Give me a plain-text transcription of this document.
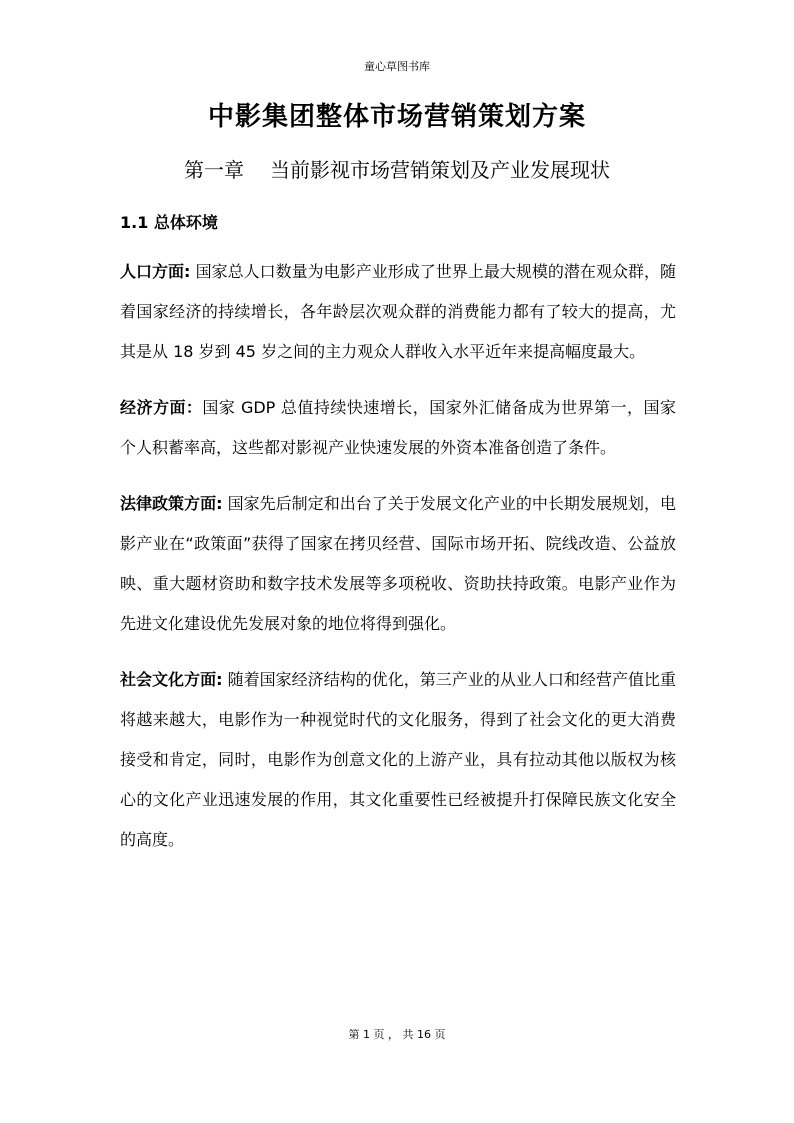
童心草图书库
中影集团整体市场营销策划方案
第一章 当前影视市场营销策划及产业发展现状
1.1 总体环境

人口方面: 国家总人口数量为电影产业形成了世界上最大规模的潜在观众群，随着国家经济的持续增长，各年龄层次观众群的消费能力都有了较大的提高，尤其是从 18 岁到 45 岁之间的主力观众人群收入水平近年来提高幅度最大。

经济方面：国家 GDP 总值持续快速增长，国家外汇储备成为世界第一，国家个人积蓄率高，这些都对影视产业快速发展的外资本准备创造了条件。

法律政策方面: 国家先后制定和出台了关于发展文化产业的中长期发展规划，电影产业在“政策面”获得了国家在拷贝经营、国际市场开拓、院线改造、公益放映、重大题材资助和数字技术发展等多项税收、资助扶持政策。电影产业作为先进文化建设优先发展对象的地位将得到强化。

社会文化方面: 随着国家经济结构的优化，第三产业的从业人口和经营产值比重将越来越大，电影作为一种视觉时代的文化服务，得到了社会文化的更大消费接受和肯定，同时，电影作为创意文化的上游产业，具有拉动其他以版权为核心的文化产业迅速发展的作用，其文化重要性已经被提升打保障民族文化安全的高度。

第 1 页 ， 共 16 页
